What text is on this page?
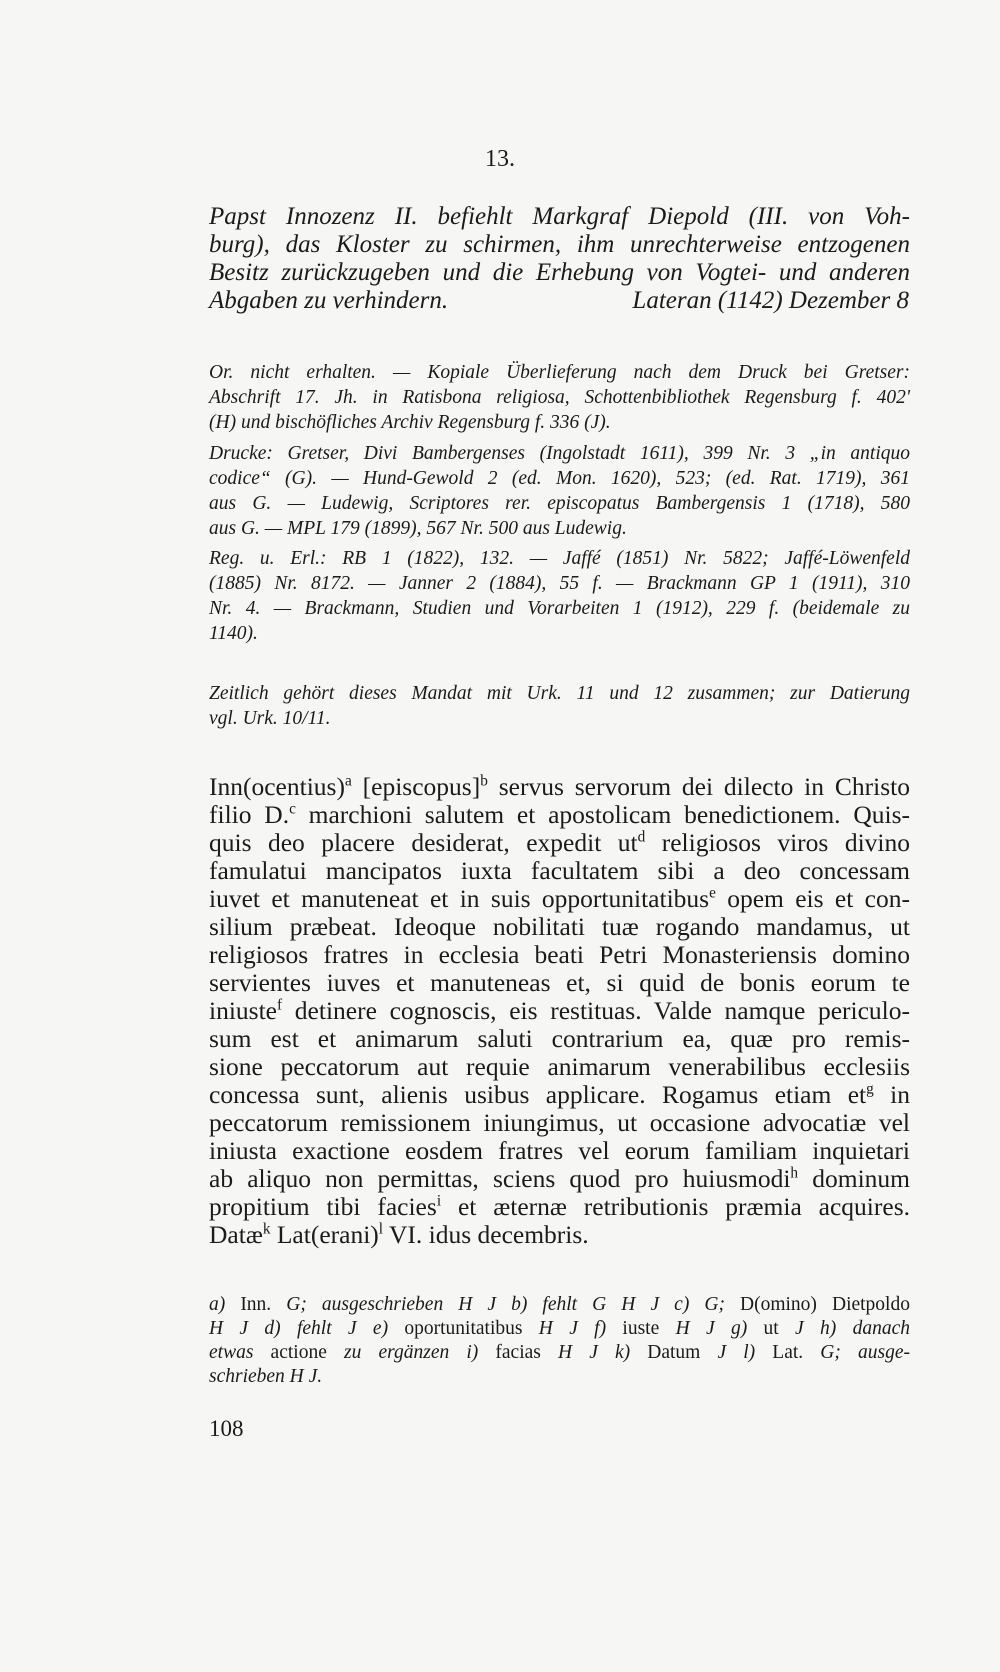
13.
Papst Innozenz II. befiehlt Markgraf Diepold (III. von Voh-
burg), das Kloster zu schirmen, ihm unrechterweise entzogenen
Besitz zurückzugeben und die Erhebung von Vogtei- und anderen
Abgaben zu verhindern.	Lateran (1142) Dezember 8
Or. nicht erhalten. — Kopiale Überlieferung nach dem Druck bei Gretser:
Abschrift 17. Jh. in Ratisbona religiosa, Schottenbibliothek Regensburg f. 402'
(H) und bischöfliches Archiv Regensburg f. 336 (J).
Drucke: Gretser, Divi Bambergenses (Ingolstadt 1611), 399 Nr. 3 „in antiquo
codice“ (G). — Hund-Gewold 2 (ed. Mon. 1620), 523; (ed. Rat. 1719), 361
aus G. — Ludewig, Scriptores rer. episcopatus Bambergensis 1 (1718), 580
aus G. — MPL 179 (1899), 567 Nr. 500 aus Ludewig.
Reg. u. Erl.: RB 1 (1822), 132. — Jaffé (1851) Nr. 5822; Jaffé-Löwenfeld
(1885) Nr. 8172. — Janner 2 (1884), 55 f. — Brackmann GP 1 (1911), 310
Nr. 4. — Brackmann, Studien und Vorarbeiten 1 (1912), 229 f. (beidemale zu
1140).
Zeitlich gehört dieses Mandat mit Urk. 11 und 12 zusammen; zur Datierung
vgl. Urk. 10/11.
Inn(ocentius)$^a$ [episcopus]$^b$ servus servorum dei dilecto in Christo
filio D.$^c$ marchioni salutem et apostolicam benedictionem. Quis-
quis deo placere desiderat, expedit $ut^d$ religiosos viros divino
famulatui mancipatos iuxta facultatem sibi a deo concessam
iuvet et manuteneat et in suis opportunitatibus$^e$ opem eis et con-
silium præbeat. Ideoque nobilitati tuæ rogando mandamus, ut
religiosos fratres in ecclesia beati Petri Monasteriensis domino
servientes iuves et manuteneas et, si quid de bonis eorum te
iniuste$^f$ detinere cognoscis, eis restituas. Valde namque periculo-
sum est et animarum saluti contrarium ea, quæ pro remis-
sione peccatorum aut requie animarum venerabilibus ecclesiis
concessa sunt, alienis usibus applicare. Rogamus etiam $et^g$ in
peccatorum remissionem iniungimus, ut occasione advocatiæ vel
iniusta exactione eosdem fratres vel eorum familiam inquietari
ab aliquo non permittas, sciens quod pro huiusmodi$^h$ dominum
propitium tibi facies$^i$ et æternæ retributionis præmia acquires.
Datæ$^k$ Lat(erani)$^l$ VI. idus decembris.
a) Inn. G; ausgeschrieben H J b) fehlt G H J c) G; D(omino) Dietpoldo
H J d) fehlt J e) oportunitatibus H J f) iuste H J g) ut J h) danach
etwas actione zu ergänzen i) facias H J k) Datum J l) Lat. G; ausge-
schrieben H J.
108
